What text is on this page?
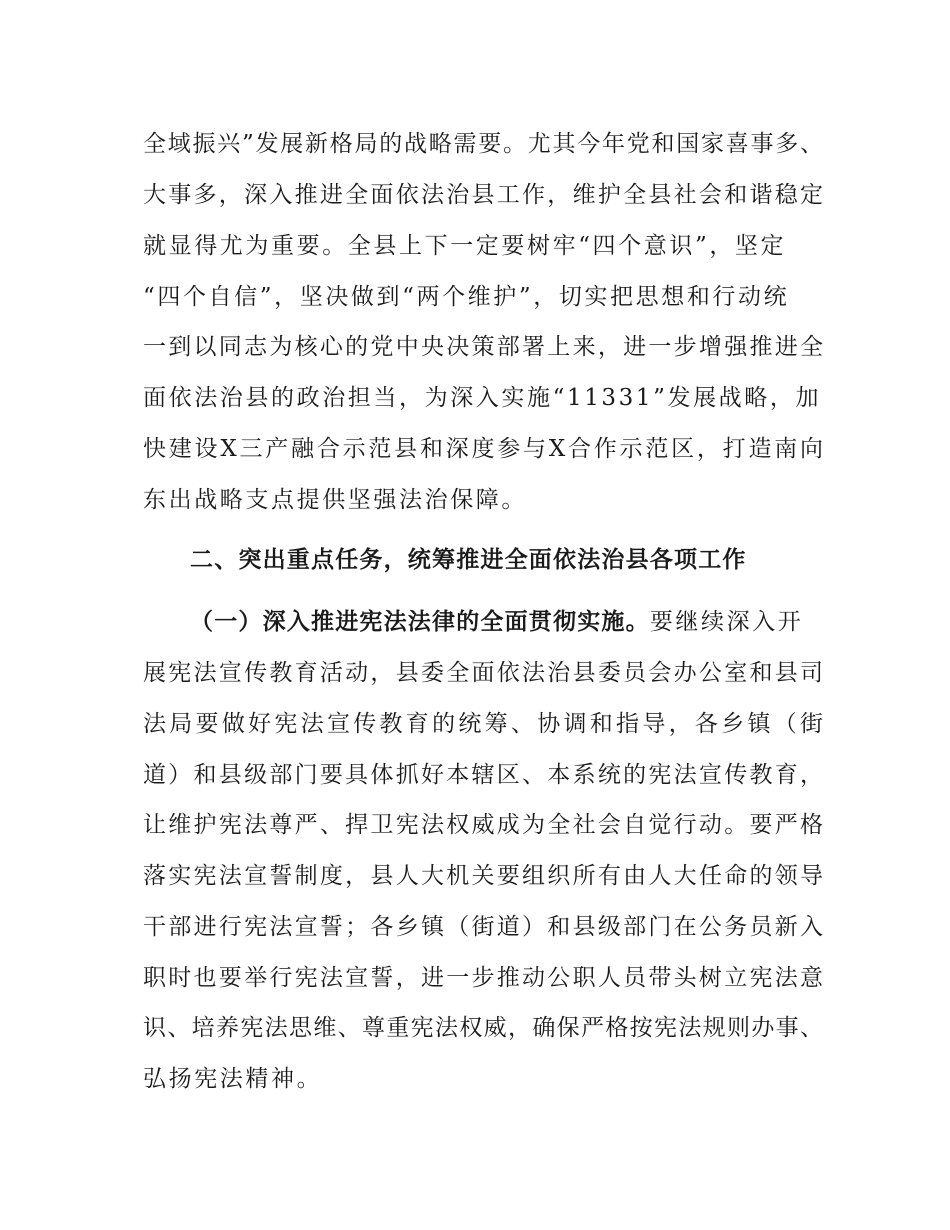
全域振兴”发展新格局的战略需要。尤其今年党和国家喜事多、
大事多，深入推进全面依法治县工作，维护全县社会和谐稳定
就显得尤为重要。全县上下一定要树牢“四个意识”，坚定
“四个自信”，坚决做到“两个维护”，切实把思想和行动统
一到以同志为核心的党中央决策部署上来，进一步增强推进全
面依法治县的政治担当，为深入实施“11331”发展战略，加
快建设X三产融合示范县和深度参与X合作示范区，打造南向
东出战略支点提供坚强法治保障。
二、突出重点任务，统筹推进全面依法治县各项工作
（一）深入推进宪法法律的全面贯彻实施。要继续深入开
展宪法宣传教育活动，县委全面依法治县委员会办公室和县司
法局要做好宪法宣传教育的统筹、协调和指导，各乡镇（街
道）和县级部门要具体抓好本辖区、本系统的宪法宣传教育，
让维护宪法尊严、捍卫宪法权威成为全社会自觉行动。要严格
落实宪法宣誓制度，县人大机关要组织所有由人大任命的领导
干部进行宪法宣誓；各乡镇（街道）和县级部门在公务员新入
职时也要举行宪法宣誓，进一步推动公职人员带头树立宪法意
识、培养宪法思维、尊重宪法权威，确保严格按宪法规则办事、
弘扬宪法精神。
